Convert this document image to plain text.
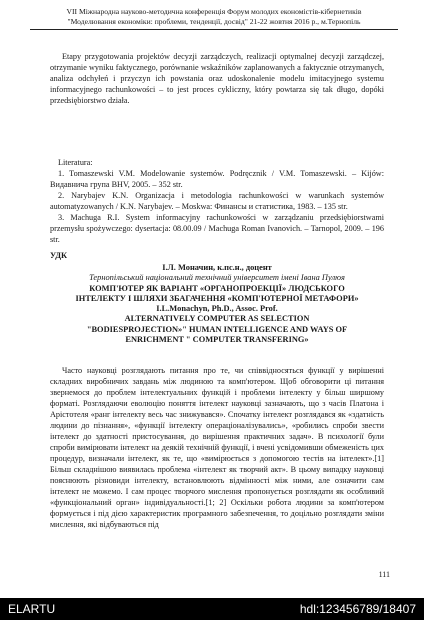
VII Міжнародна науково-методична конференція Форум молодих економістів-кібернетиків
"Моделювання економіки: проблеми, тенденції, досвід" 21-22 жовтня 2016 р., м.Тернопіль

Etapy przygotowania projektów decyzji zarządczych, realizacji optymalnej decyzji zarządczej, otrzymanie wyniku faktycznego, porównanie wskaźników zaplanowanych a faktycznie otrzymanych, analiza odchyłeń i przyczyn ich powstania oraz udoskonalenie modelu imitacyjnego systemu informacyjnego rachunkowości – to jest proces cykliczny, który powtarza się tak długo, dopóki przedsiębiorstwo działa.

Literatura:

1. Tomaszewski V.M. Modelowanie systemów. Podręcznik / V.M. Tomaszewski. – Kijów: Видавнича група BHV, 2005. – 352 str.

2. Narybajev K.N. Organizacja i metodologia rachunkowości w warunkach systemów automatyzowanych / K.N. Narybajev. – Moskwa: Финансы и статистика, 1983. – 135 str.

3. Machuga R.I. System informacyjny rachunkowości w zarządzaniu przedsiębiorstwami przemysłu spożywczego: dysertacja: 08.00.09 / Machuga Roman Ivanovich. – Tarnopol, 2009. – 196 str.

УДК
І.Л. Моначин, к.пс.н., доцент
Тернопільський національний технічний університет імені Івана Пулюя
КОМП'ЮТЕР ЯК ВАРІАНТ «ОРГАНОПРОЕКЦІЇ» ЛЮДСЬКОГО
ІНТЕЛЕКТУ І ШЛЯХИ ЗБАГАЧЕННЯ «КОМП'ЮТЕРНОЇ МЕТАФОРИ»
I.L.Monachyn, Ph.D., Assoc. Prof.
ALTERNATIVELY COMPUTER AS SELECTION
"BODIESPROJECTION»" HUMAN INTELLIGENCE AND WAYS OF
ENRICHMENT " COMPUTER TRANSFERING»

Часто науковці розглядають питання про те, чи співвідносяться функції у вирішенні складних виробничих завдань між людиною та комп'ютером. Щоб обговорити ці питання звернемося до проблем інтелектуальних функцій і проблеми інтелекту у більш ширшому форматі. Розглядаючи еволюцію поняття інтелект науковці зазначають, що з часів Платона і Арістотеля «ранг інтелекту весь час знижувався». Спочатку інтелект розглядався як «здатність людини до пізнання», «функції інтелекту операціоналізувались», «робились спроби звести інтелект до здатності пристосування, до вирішення практичних задач». В психології були спроби вимірювати інтелект на деякій технічній функції, і вчені усвідомивши обмеженість цих процедур, визначали інтелект, як те, що «вимірюється з допомогою тестів на інтелект».[1] Більш складнішою виявилась проблема «інтелект як творчий акт». В цьому випадку науковці пояснюють різновиди інтелекту, встановлюють відмінності між ними, але означити сам інтелект не можемо. І сам процес творчого мислення пропонується розглядати як особливий «функціональний орган» індивідуальності.[1; 2] Оскільки робота людини за комп'ютером формується і під дією характеристик програмного забезпечення, то доцільно розглядати зміни мислення, які відбуваються під

111
ELARTU	hdl:123456789/18407
